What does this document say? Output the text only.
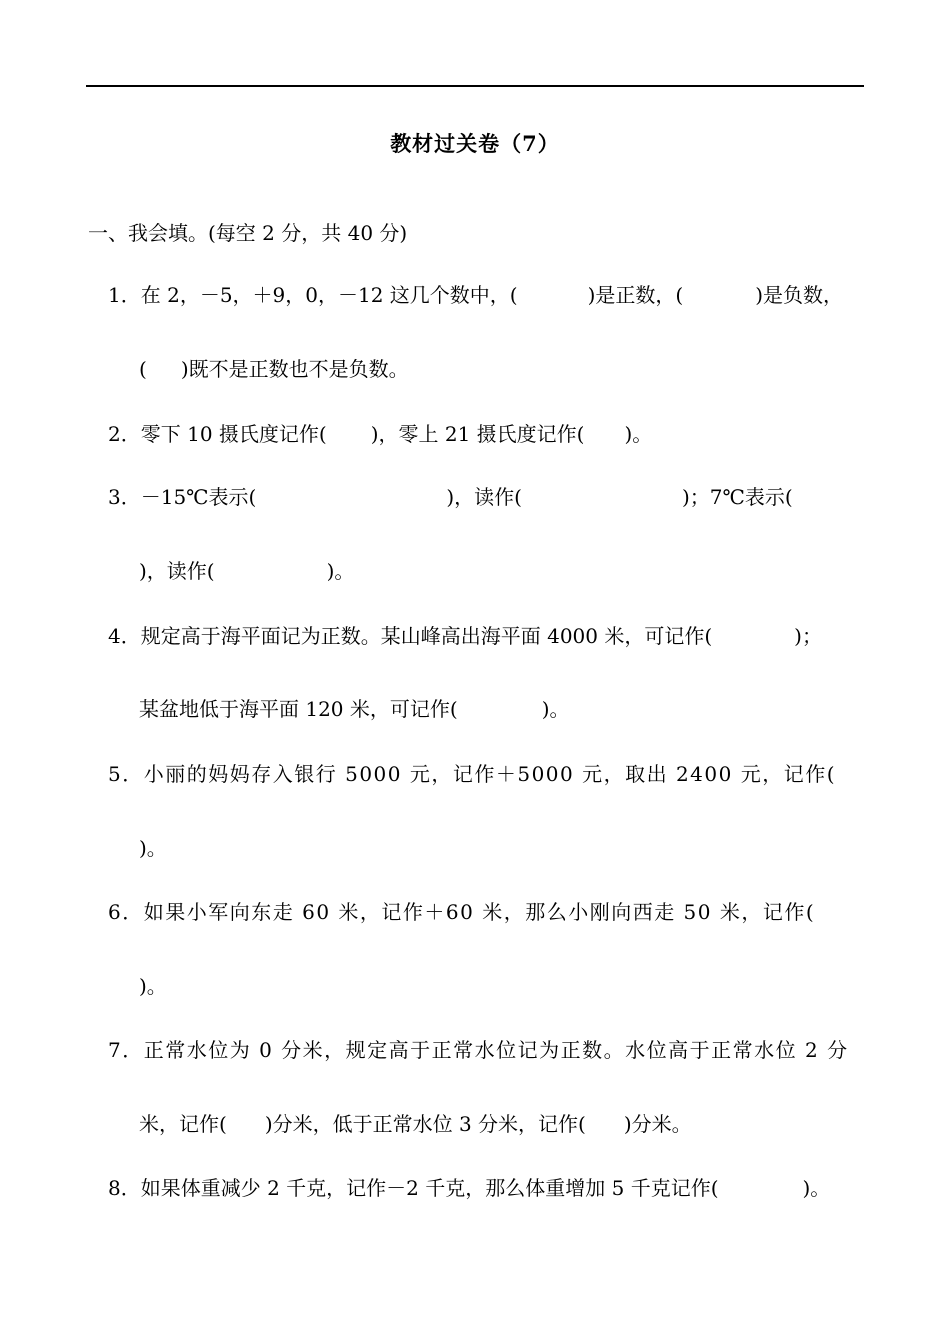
教材过关卷（7）
一、我会填。(每空 2 分，共 40 分)
1．在 2，－5，＋9，0，－12 这几个数中，(	)是正数，(	)是负数，
( )既不是正数也不是负数。
2．零下 10 摄氏度记作( )，零上 21 摄氏度记作( )。
3．－15℃表示(	)，读作(	)；7℃表示(
)，读作(	)。
4．规定高于海平面记为正数。某山峰高出海平面 4000 米，可记作(	)；
某盆地低于海平面 120 米，可记作(	)。
5．小丽的妈妈存入银行 5000 元，记作＋5000 元，取出 2400 元，记作(
)。
6．如果小军向东走 60 米，记作＋60 米，那么小刚向西走 50 米，记作(
)。
7．正常水位为 0 分米，规定高于正常水位记为正数。水位高于正常水位 2 分
米，记作( )分米，低于正常水位 3 分米，记作( )分米。
8．如果体重减少 2 千克，记作－2 千克，那么体重增加 5 千克记作(	)。
